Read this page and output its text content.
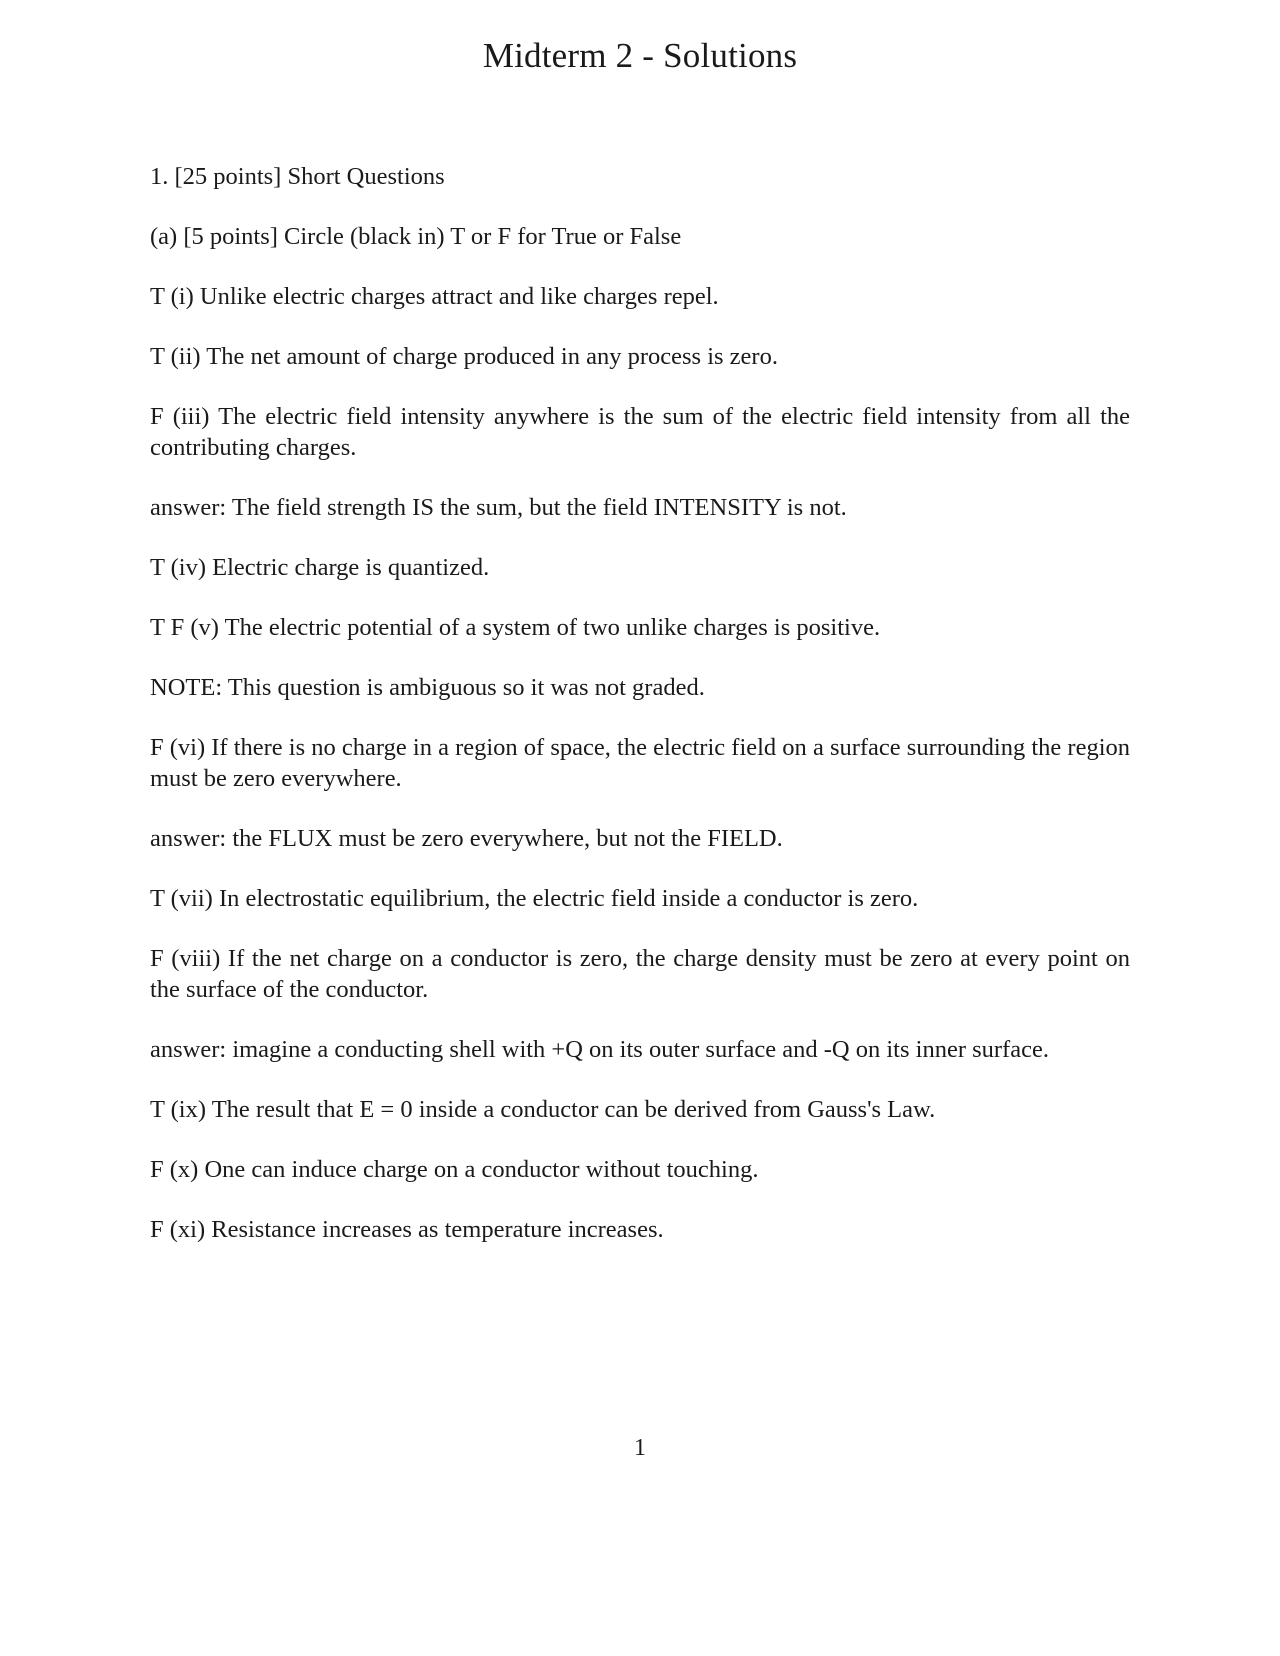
Midterm 2 - Solutions

1. [25 points] Short Questions

(a) [5 points] Circle (black in) T or F for True or False

T (i) Unlike electric charges attract and like charges repel.

T (ii) The net amount of charge produced in any process is zero.

F (iii) The electric field intensity anywhere is the sum of the electric field intensity from all the contributing charges.

answer: The field strength IS the sum, but the field INTENSITY is not.

T (iv) Electric charge is quantized.

T F (v) The electric potential of a system of two unlike charges is positive.

NOTE: This question is ambiguous so it was not graded.

F (vi) If there is no charge in a region of space, the electric field on a surface surrounding the region must be zero everywhere.

answer: the FLUX must be zero everywhere, but not the FIELD.

T (vii) In electrostatic equilibrium, the electric field inside a conductor is zero.

F (viii) If the net charge on a conductor is zero, the charge density must be zero at every point on the surface of the conductor.

answer: imagine a conducting shell with +Q on its outer surface and -Q on its inner surface.

T (ix) The result that E = 0 inside a conductor can be derived from Gauss's Law.

F (x) One can induce charge on a conductor without touching.

F (xi) Resistance increases as temperature increases.

1
